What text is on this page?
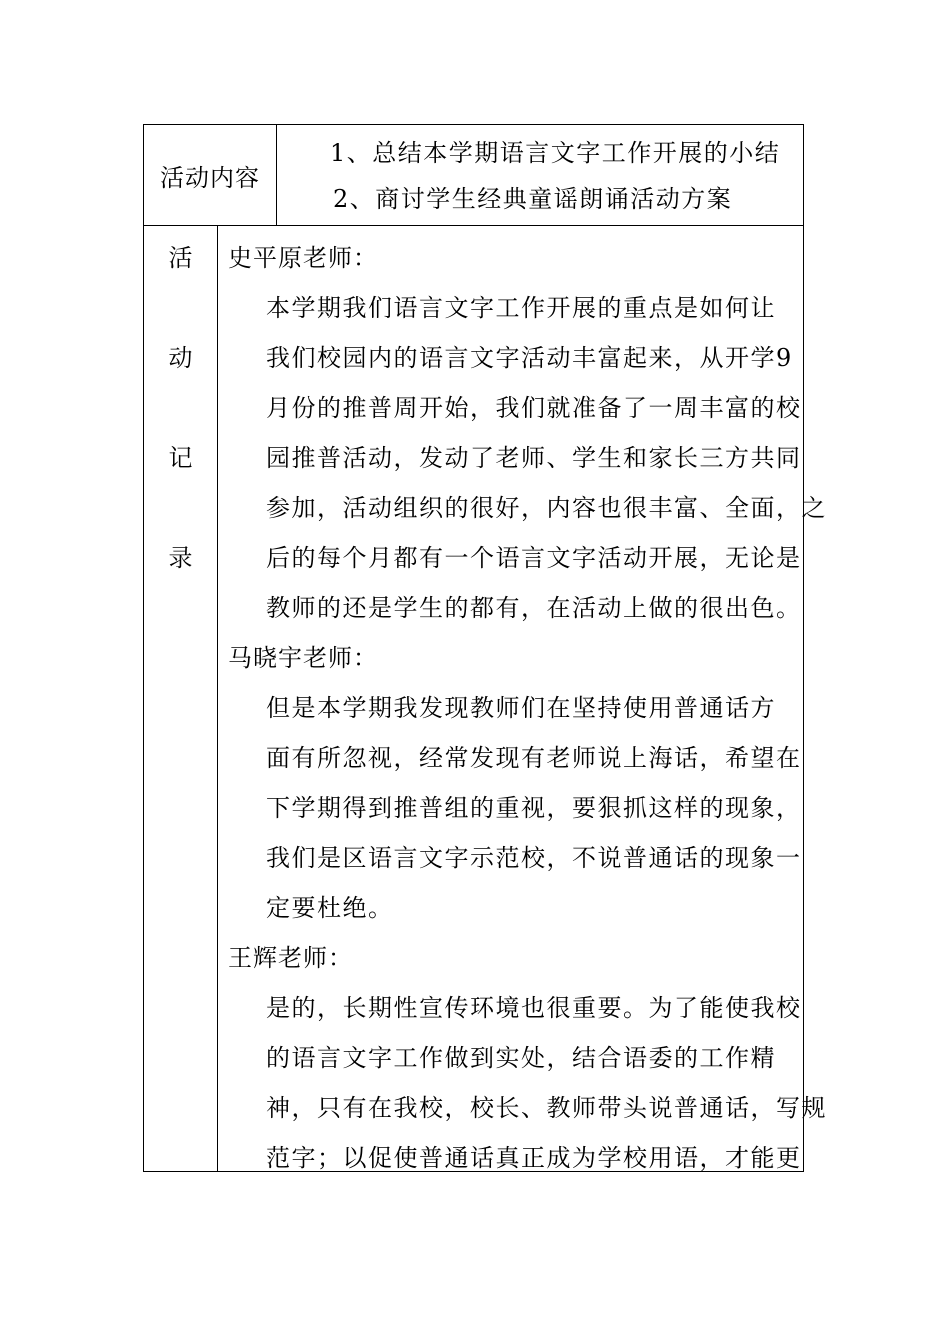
活动内容
1、总结本学期语言文字工作开展的小结
2、商讨学生经典童谣朗诵活动方案
活
动
记
录
史平原老师：
本学期我们语言文字工作开展的重点是如何让
我们校园内的语言文字活动丰富起来，从开学9
月份的推普周开始，我们就准备了一周丰富的校
园推普活动，发动了老师、学生和家长三方共同
参加，活动组织的很好，内容也很丰富、全面，之
后的每个月都有一个语言文字活动开展，无论是
教师的还是学生的都有，在活动上做的很出色。
马晓宇老师：
但是本学期我发现教师们在坚持使用普通话方
面有所忽视，经常发现有老师说上海话，希望在
下学期得到推普组的重视，要狠抓这样的现象，
我们是区语言文字示范校，不说普通话的现象一
定要杜绝。
王辉老师：
是的，长期性宣传环境也很重要。为了能使我校
的语言文字工作做到实处，结合语委的工作精
神，只有在我校，校长、教师带头说普通话，写规
范字；以促使普通话真正成为学校用语，才能更
